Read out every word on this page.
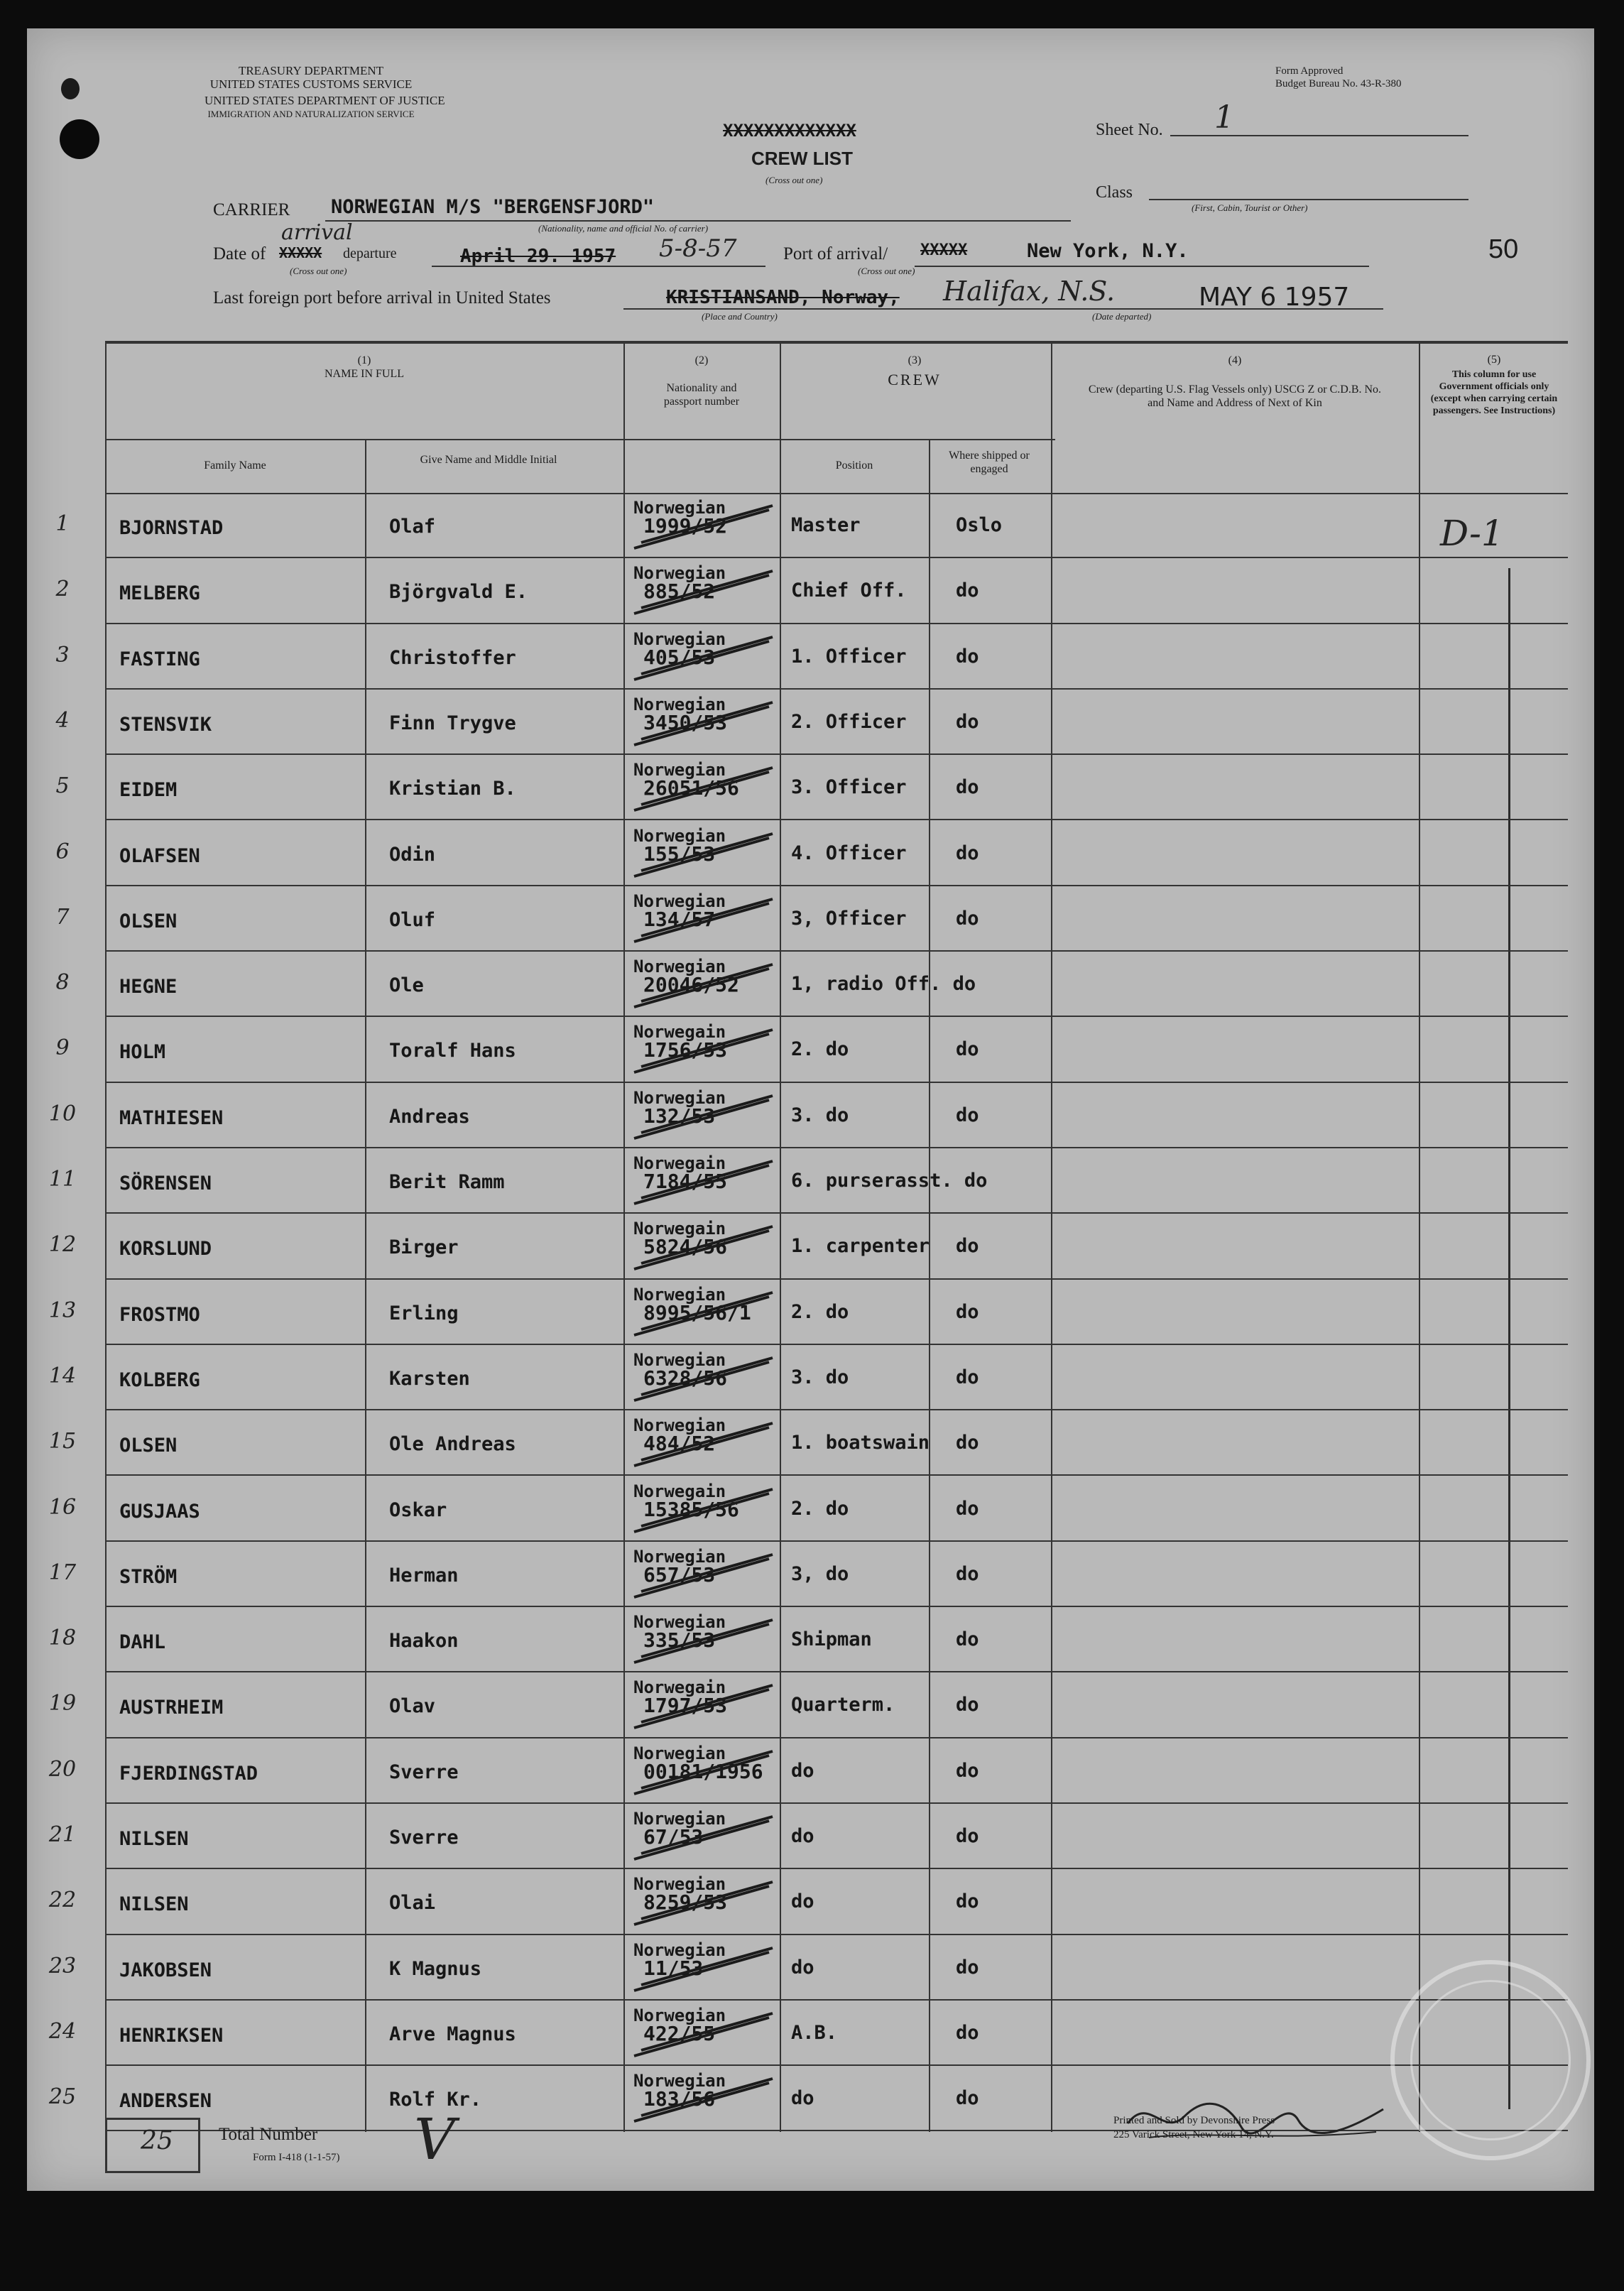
TREASURY DEPARTMENT
UNITED STATES CUSTOMS SERVICE
UNITED STATES DEPARTMENT OF JUSTICE
IMMIGRATION AND NATURALIZATION SERVICE
Form Approved
Budget Bureau No. 43-R-380
XXXXXXXXXXXXX
CREW LIST
(Cross out one)
Sheet No. 1
Class
(First, Cabin, Tourist or Other)
CARRIER NORWEGIAN M/S "BERGENSFJORD"
(Nationality, name and official No. of carrier)
Date of
arrival
XXXXX departure
(Cross out one)
April 29. 1957 5-8-57	Port of arrival/ XXXXX
(Cross out one)
New York, N.Y.	50
Last foreign port before arrival in United States	KRISTIANSAND, Norway, Halifax, N.S.	MAY 6 1957
(Place and Country)	(Date departed)
(1)
NAME IN FULL
Family Name	Give Name and Middle Initial
(2)
Nationality and passport number
(3)
CREW
Position
Where shipped or engaged
(4)
Crew (departing U.S. Flag Vessels only) USCG Z or C.D.B. No. and Name and Address of Next of Kin
(5)
This column for use Government officials only (except when carrying certain passengers. See Instructions)
D-1
1	BJORNSTAD	Olaf
Norwegian
1999/52	Master	Oslo
2	MELBERG	Björgvald E.
Norwegian
885/52	Chief Off.	do
3	FASTING	Christoffer
Norwegian
405/53	1. Officer	do
4	STENSVIK	Finn Trygve
Norwegian
3450/53	2. Officer	do
5	EIDEM	Kristian B.
Norwegian
26051/56	3. Officer	do
6	OLAFSEN	Odin
Norwegian
155/53	4. Officer	do
7	OLSEN	Oluf
Norwegian
134/57	3, Officer	do
8	HEGNE	Ole
Norwegian
20046/52	1, radio Off. do
9	HOLM	Toralf Hans
Norwegain
1756/53	2. do	do
10	MATHIESEN	Andreas
Norwegian
132/53	3. do	do
11	SÖRENSEN	Berit Ramm
Norwegain
7184/55	6. purserasst. do
12	KORSLUND	Birger
Norwegain
5824/56	1. carpenter do
13	FROSTMO	Erling
Norwegian
8995/56/1 2. do	do
14	KOLBERG	Karsten
Norwegian
6328/56	3. do	do
15	OLSEN	Ole Andreas
Norwegian
484/52	1. boatswain do
16	GUSJAAS	Oskar
Norwegain
15385/56	2. do	do
17	STRÖM	Herman
Norwegian
657/53	3, do	do
18	DAHL	Haakon
Norwegian
335/53	Shipman	do
19	AUSTRHEIM	Olav
Norwegain
1797/53	Quarterm.	do
20	FJERDINGSTAD	Sverre
Norwegian
00181/1956 do	do
21	NILSEN	Sverre
Norwegian
67/53	do	do
22	NILSEN	Olai
Norwegian
8259/53	do	do
23	JAKOBSEN	K Magnus
Norwegian
11/53	do	do
24	HENRIKSEN	Arve Magnus
Norwegian
422/55	A.B.	do
25	ANDERSEN	Rolf Kr.
Norwegian
183/56	do	do
25	Total Number
Form I-418 (1-1-57) V	Printed and Sold by Devonshire Press
225 Varick Street, New York 14, N.Y.
